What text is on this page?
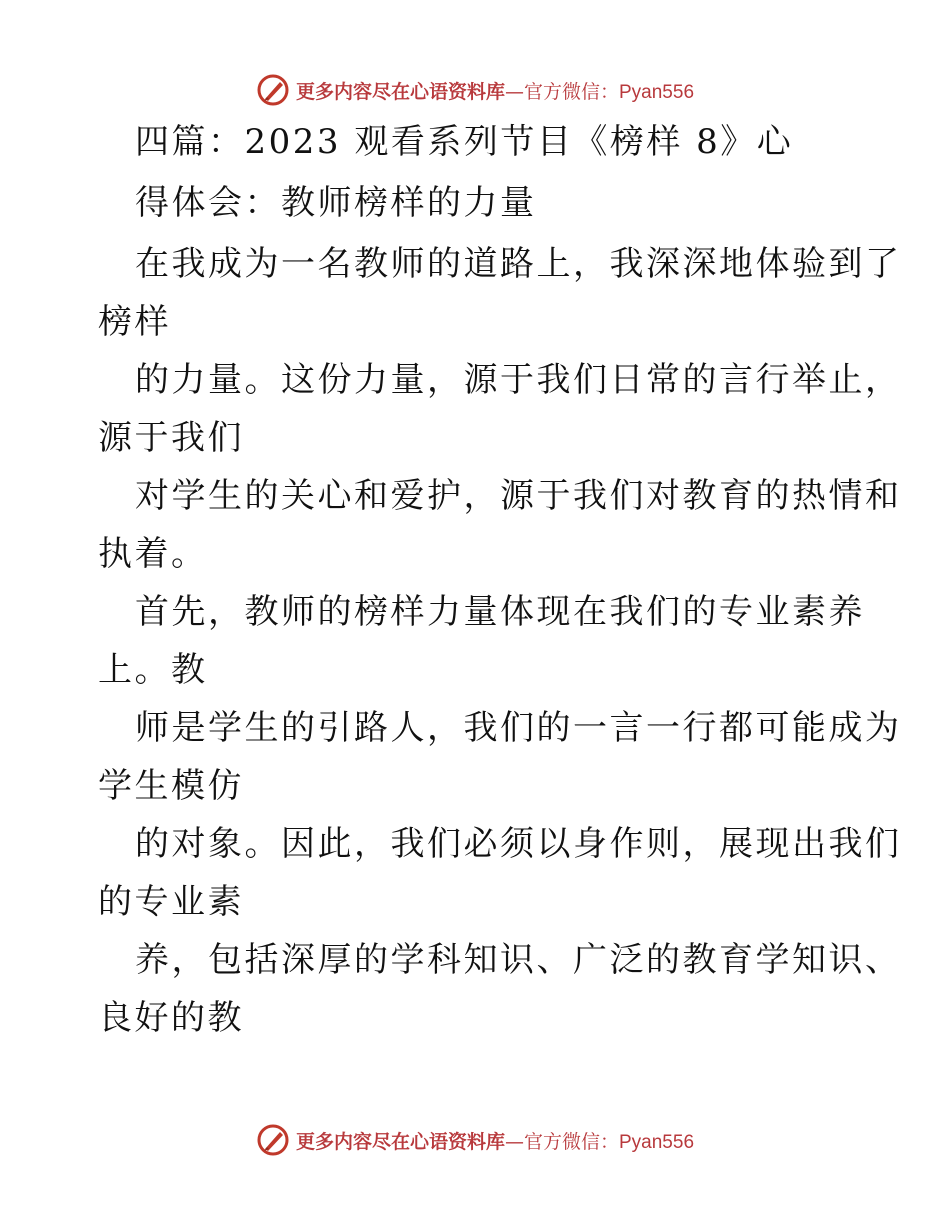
更多内容尽在心语资料库—官方微信：Pyan556
四篇：2023 观看系列节目《榜样 8》心
得体会：教师榜样的力量
在我成为一名教师的道路上，我深深地体验到了
榜样
的力量。这份力量，源于我们日常的言行举止，
源于我们
对学生的关心和爱护，源于我们对教育的热情和
执着。
首先，教师的榜样力量体现在我们的专业素养
上。教
师是学生的引路人，我们的一言一行都可能成为
学生模仿
的对象。因此，我们必须以身作则，展现出我们
的专业素
养，包括深厚的学科知识、广泛的教育学知识、
良好的教
更多内容尽在心语资料库—官方微信：Pyan556
